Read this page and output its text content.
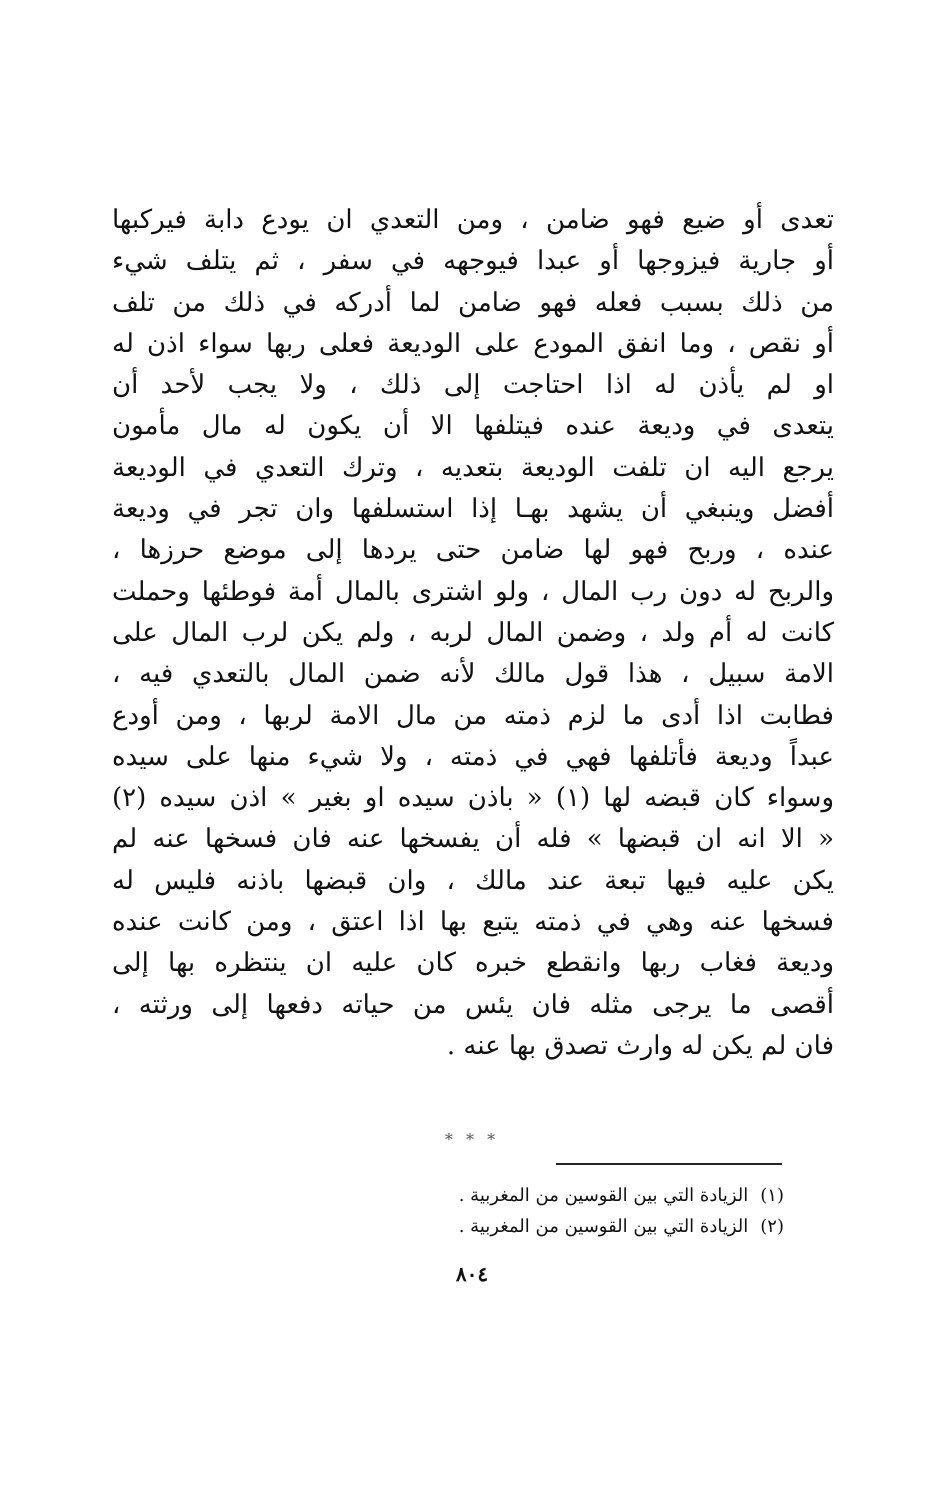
تعدى أو ضيع فهو ضامن ، ومن التعدي ان يودع دابة فيركبها
أو جارية فيزوجها أو عبدا فيوجهه في سفر ، ثم يتلف شيء
من ذلك بسبب فعله فهو ضامن لما أدركه في ذلك من تلف
أو نقص ، وما انفق المودع على الوديعة فعلى ربها سواء اذن له
او لم يأذن له اذا احتاجت إلى ذلك ، ولا يجب لأحد أن
يتعدى في وديعة عنده فيتلفها الا أن يكون له مال مأمون
يرجع اليه ان تلفت الوديعة بتعديه ، وترك التعدي في الوديعة
أفضل وينبغي أن يشهد بهـا إذا استسلفها وان تجر في وديعة
عنده ، وربح فهو لها ضامن حتى يردها إلى موضع حرزها ،
والربح له دون رب المال ، ولو اشترى بالمال أمة فوطئها وحملت
كانت له أم ولد ، وضمن المال لربه ، ولم يكن لرب المال على
الامة سبيل ، هذا قول مالك لأنه ضمن المال بالتعدي فيه ،
فطابت اذا أدى ما لزم ذمته من مال الامة لربها ، ومن أودع
عبداً وديعة فأتلفها فهي في ذمته ، ولا شيء منها على سيده
وسواء كان قبضه لها (١) « باذن سيده او بغير » اذن سيده (٢)
« الا انه ان قبضها » فله أن يفسخها عنه فان فسخها عنه لم
يكن عليه فيها تبعة عند مالك ، وان قبضها باذنه فليس له
فسخها عنه وهي في ذمته يتبع بها اذا اعتق ، ومن كانت عنده
وديعة فغاب ربها وانقطع خبره كان عليه ان ينتظره بها إلى
أقصى ما يرجى مثله فان يئس من حياته دفعها إلى ورثته ،
فان لم يكن له وارث تصدق بها عنه .
* * *
(١)الزيادة التي بين القوسين من المغربية .
(٢)الزيادة التي بين القوسين من المغربية .
٨٠٤
